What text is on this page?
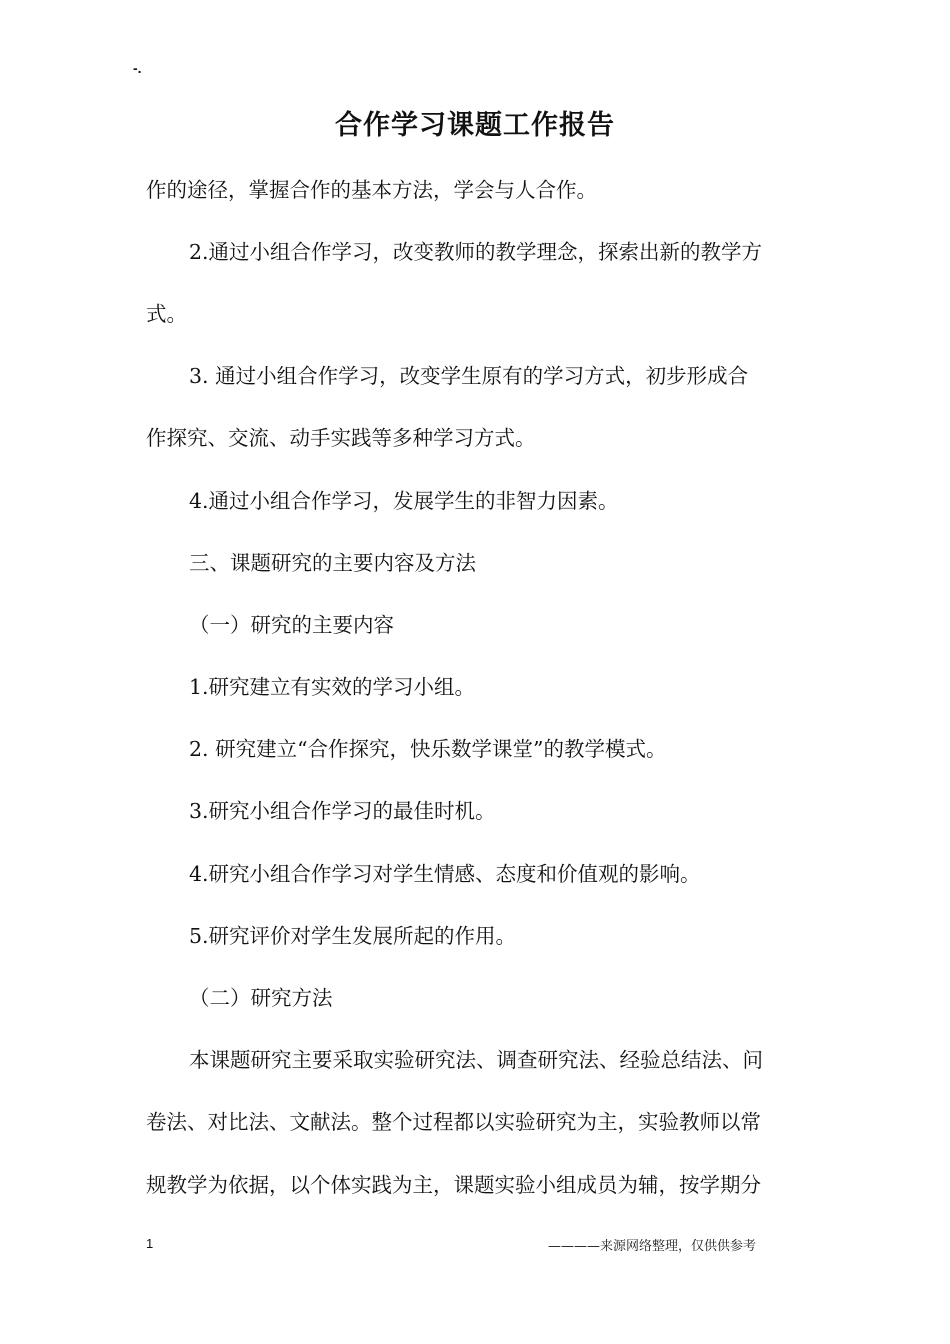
-.
合作学习课题工作报告
作的途径，掌握合作的基本方法，学会与人合作。
2.通过小组合作学习，改变教师的教学理念，探索出新的教学方
式。
3. 通过小组合作学习，改变学生原有的学习方式，初步形成合
作探究、交流、动手实践等多种学习方式。
4.通过小组合作学习，发展学生的非智力因素。
三、课题研究的主要内容及方法
（一）研究的主要内容
1.研究建立有实效的学习小组。
2. 研究建立“合作探究，快乐数学课堂”的教学模式。
3.研究小组合作学习的最佳时机。
4.研究小组合作学习对学生情感、态度和价值观的影响。
5.研究评价对学生发展所起的作用。
（二）研究方法
本课题研究主要采取实验研究法、调查研究法、经验总结法、问
卷法、对比法、文献法。整个过程都以实验研究为主，实验教师以常
规教学为依据，以个体实践为主，课题实验小组成员为辅，按学期分
1	————来源网络整理，仅供供参考
